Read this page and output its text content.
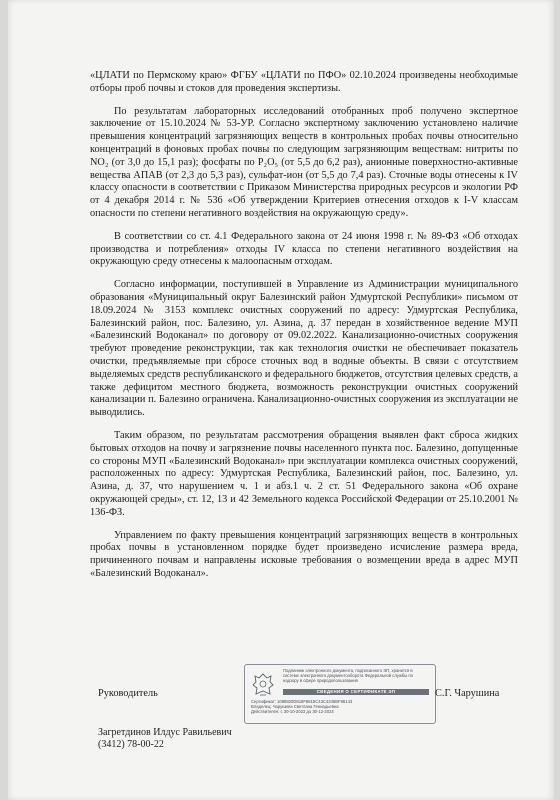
«ЦЛАТИ по Пермскому краю» ФГБУ «ЦЛАТИ по ПФО» 02.10.2024 произведены необходимые отборы проб почвы и стоков для проведения экспертизы.

По результатам лабораторных исследований отобранных проб получено экспертное заключение от 15.10.2024 № 53-УР. Согласно экспертному заключению установлено наличие превышения концентраций загрязняющих веществ в контрольных пробах почвы относительно концентраций в фоновых пробах почвы по следующим загрязняющим веществам: нитриты по NO₂ (от 3,0 до 15,1 раз); фосфаты по P₂O₅ (от 5,5 до 6,2 раз), анионные поверхностно-активные вещества АПАВ (от 2,3 до 5,3 раз), сульфат-ион (от 5,5 до 7,4 раз). Сточные воды отнесены к IV классу опасности в соответствии с Приказом Министерства природных ресурсов и экологии РФ от 4 декабря 2014 г. № 536 «Об утверждении Критериев отнесения отходов к I-V классам опасности по степени негативного воздействия на окружающую среду».

В соответствии со ст. 4.1 Федерального закона от 24 июня 1998 г. № 89-ФЗ «Об отходах производства и потребления» отходы IV класса по степени негативного воздействия на окружающую среду отнесены к малоопасным отходам.

Согласно информации, поступившей в Управление из Администрации муниципального образования «Муниципальный округ Балезинский район Удмуртской Республики» письмом от 18.09.2024 № 3153 комплекс очистных сооружений по адресу: Удмуртская Республика, Балезинский район, пос. Балезино, ул. Азина, д. 37 передан в хозяйственное ведение МУП «Балезинский Водоканал» по договору от 09.02.2022. Канализационно-очистных сооружения требуют проведение реконструкции, так как технология очистки не обеспечивает показатель очистки, предъявляемые при сбросе сточных вод в водные объекты. В связи с отсутствием выделяемых средств республиканского и федерального бюджетов, отсутствия целевых средств, а также дефицитом местного бюджета, возможность реконструкции очистных сооружений канализации п. Балезино ограничена. Канализационно-очистных сооружения из эксплуатации не выводились.

Таким образом, по результатам рассмотрения обращения выявлен факт сброса жидких бытовых отходов на почву и загрязнение почвы населенного пункта пос. Балезино, допущенные со стороны МУП «Балезинский Водоканал» при эксплуатации комплекса очистных сооружений, расположенных по адресу: Удмуртская Республика, Балезинский район, пос. Балезино, ул. Азина, д. 37, что нарушением ч. 1 и абз.1 ч. 2 ст. 51 Федерального закона «Об охране окружающей среды», ст. 12, 13 и 42 Земельного кодекса Российской Федерации от 25.10.2001 № 136-ФЗ.

Управлением по факту превышения концентраций загрязняющих веществ в контрольных пробах почвы в установленном порядке будет произведено исчисление размера вреда, причиненного почвам и направлены исковые требования о возмещении вреда в адрес МУП «Балезинский Водоканал».

Подлинник электронного документа, подписанного ЭП, хранится в системе электронного документооборота Федеральной службы по надзору в сфере природопользования
СВЕДЕНИЯ О СЕРТИФИКАТЕ ЭП
Сертификат: 1088820D818F8815C43C4345BF86143
Владелец: Чарушина Светлана Геннадьевна
Действителен: с 30-10-2023 до 30-12-2024
Руководитель	С.Г. Чарушина
Загретдинов Илдус Равильевич
(3412) 78-00-22
